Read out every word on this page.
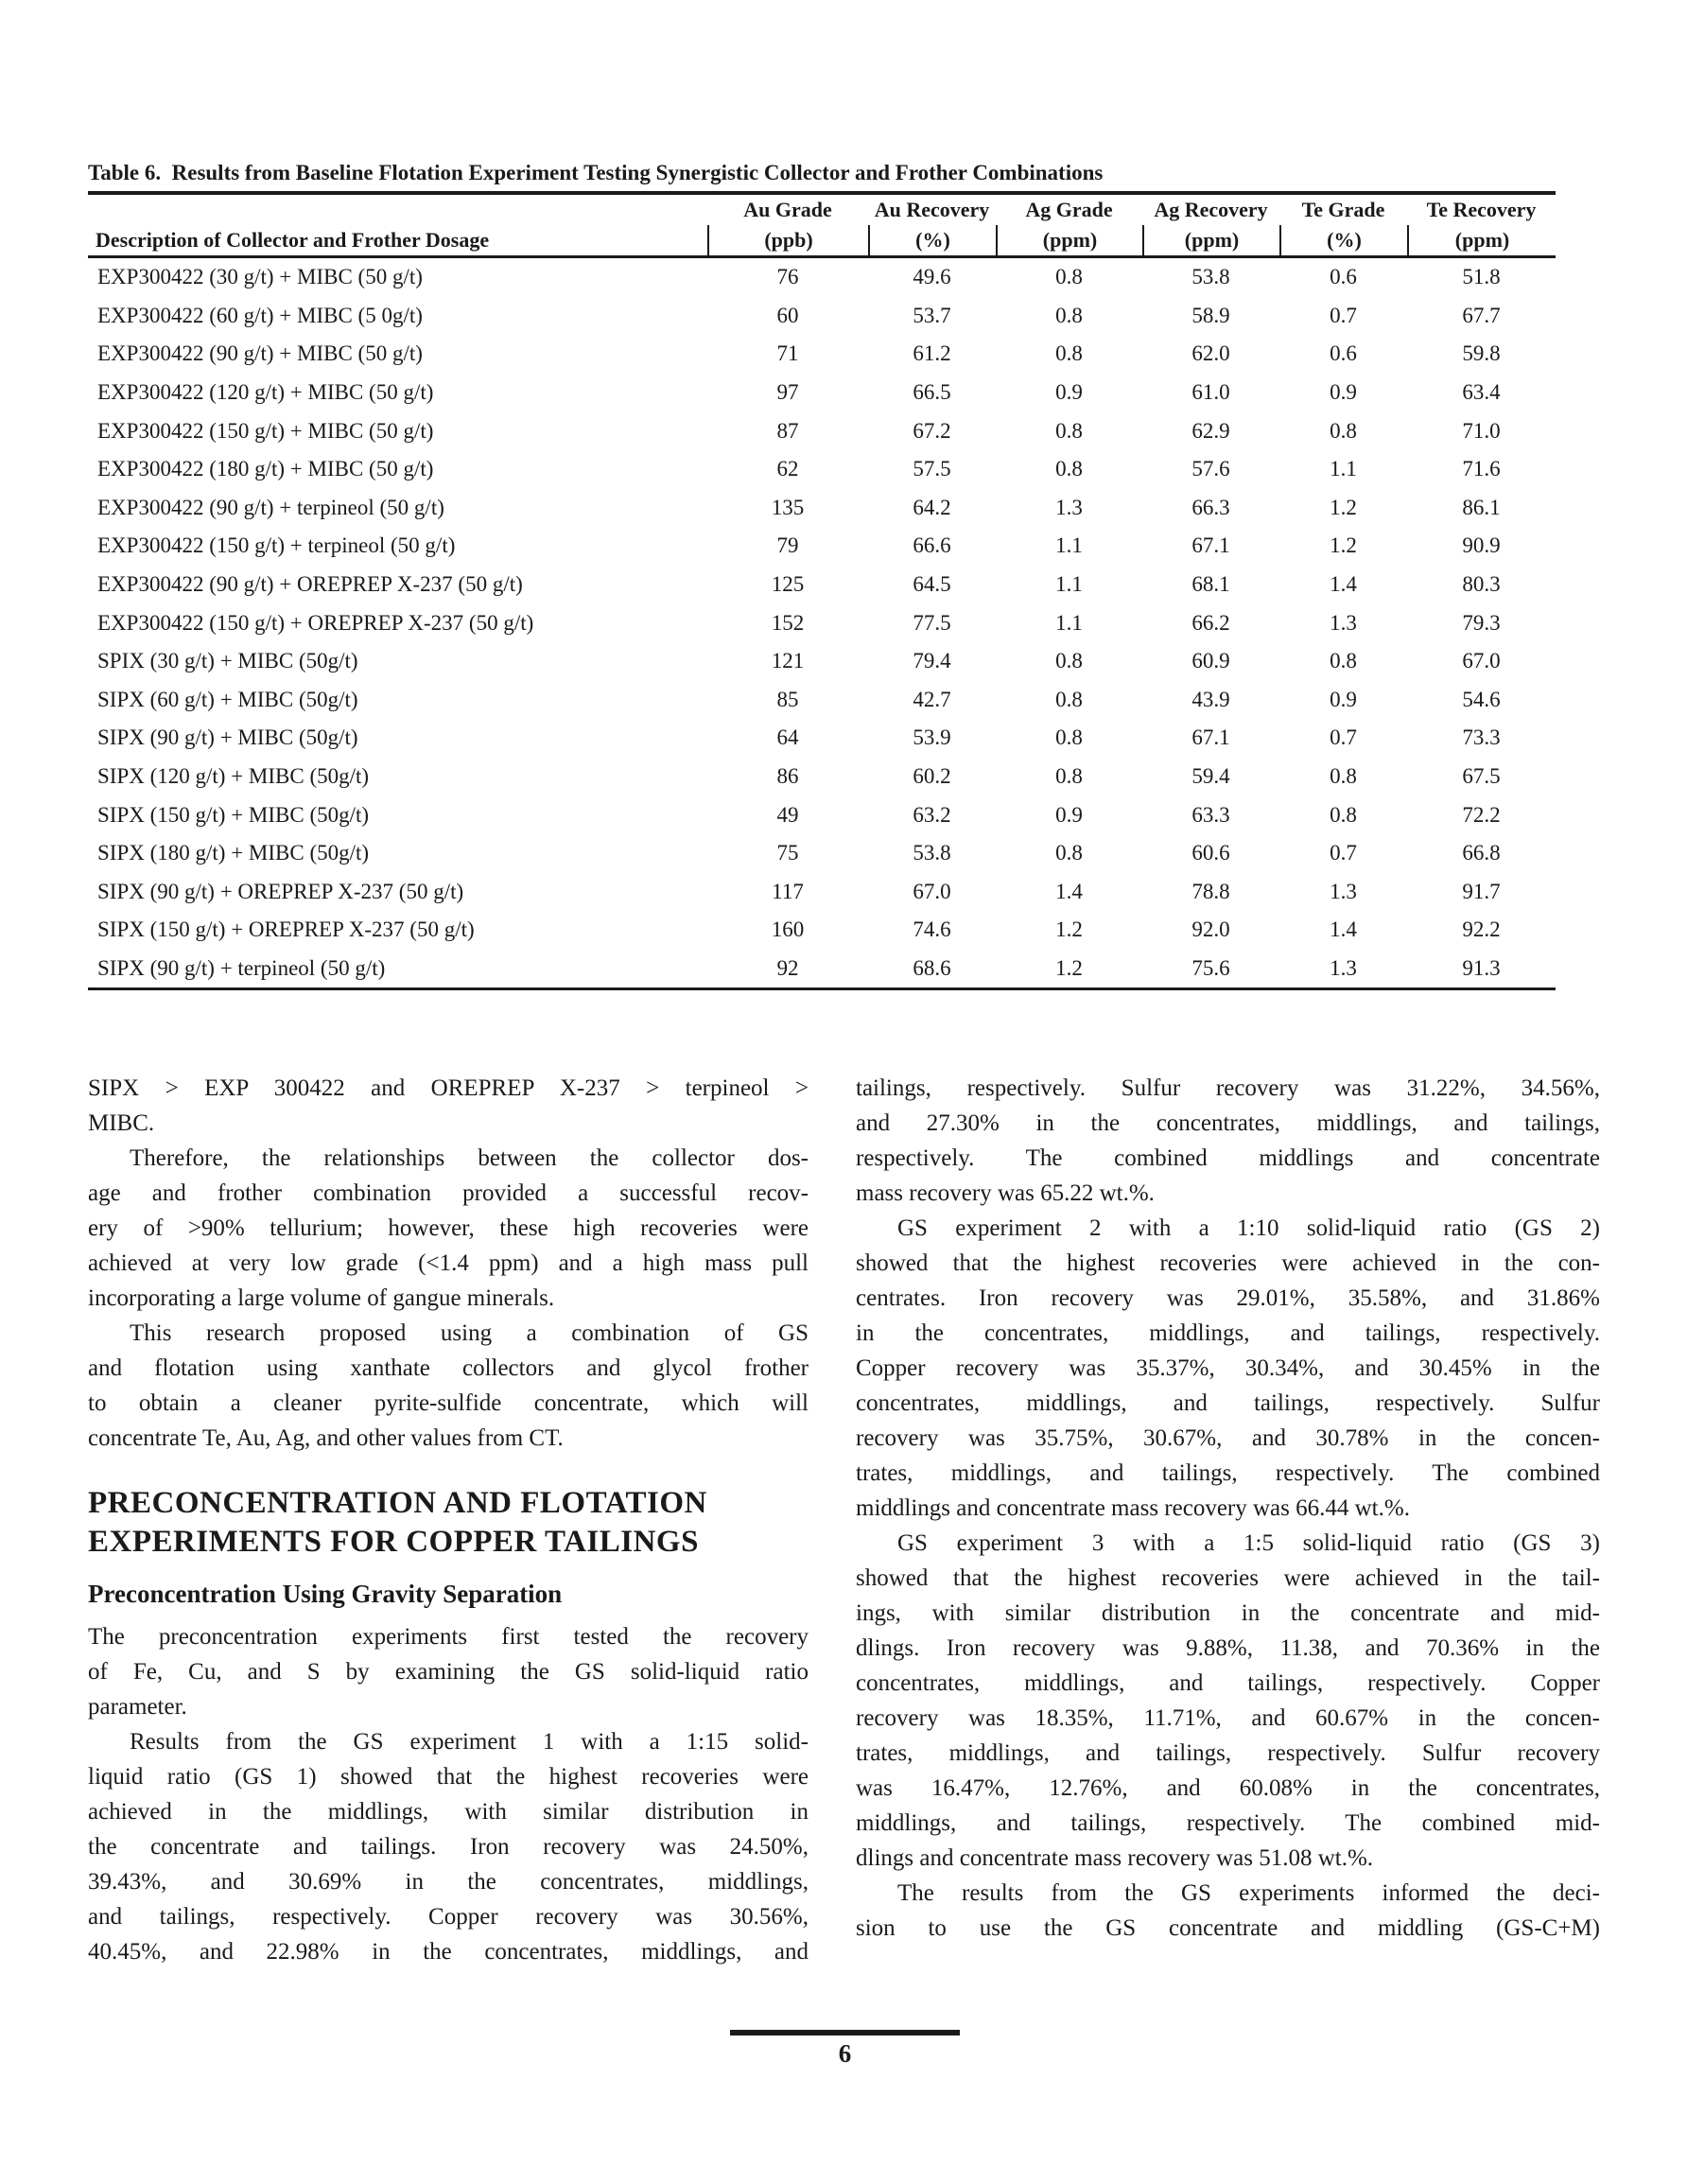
Table 6.  Results from Baseline Flotation Experiment Testing Synergistic Collector and Frother Combinations
Au Grade	Au Recovery	Ag Grade	Ag Recovery	Te Grade	Te Recovery
Description of Collector and Frother Dosage	(ppb)	(%)	(ppm)	(ppm)	(%)	(ppm)
EXP300422 (30 g/t) + MIBC (50 g/t)	76	49.6	0.8	53.8	0.6	51.8
EXP300422 (60 g/t) + MIBC (5 0g/t)	60	53.7	0.8	58.9	0.7	67.7
EXP300422 (90 g/t) + MIBC (50 g/t)	71	61.2	0.8	62.0	0.6	59.8
EXP300422 (120 g/t) + MIBC (50 g/t)	97	66.5	0.9	61.0	0.9	63.4
EXP300422 (150 g/t) + MIBC (50 g/t)	87	67.2	0.8	62.9	0.8	71.0
EXP300422 (180 g/t) + MIBC (50 g/t)	62	57.5	0.8	57.6	1.1	71.6
EXP300422 (90 g/t) + terpineol (50 g/t)	135	64.2	1.3	66.3	1.2	86.1
EXP300422 (150 g/t) + terpineol (50 g/t)	79	66.6	1.1	67.1	1.2	90.9
EXP300422 (90 g/t) + OREPREP X-237 (50 g/t)	125	64.5	1.1	68.1	1.4	80.3
EXP300422 (150 g/t) + OREPREP X-237 (50 g/t)	152	77.5	1.1	66.2	1.3	79.3
SPIX (30 g/t) + MIBC (50g/t)	121	79.4	0.8	60.9	0.8	67.0
SIPX (60 g/t) + MIBC (50g/t)	85	42.7	0.8	43.9	0.9	54.6
SIPX (90 g/t) + MIBC (50g/t)	64	53.9	0.8	67.1	0.7	73.3
SIPX (120 g/t) + MIBC (50g/t)	86	60.2	0.8	59.4	0.8	67.5
SIPX (150 g/t) + MIBC (50g/t)	49	63.2	0.9	63.3	0.8	72.2
SIPX (180 g/t) + MIBC (50g/t)	75	53.8	0.8	60.6	0.7	66.8
SIPX (90 g/t) + OREPREP X-237 (50 g/t)	117	67.0	1.4	78.8	1.3	91.7
SIPX (150 g/t) + OREPREP X-237 (50 g/t)	160	74.6	1.2	92.0	1.4	92.2
SIPX (90 g/t) + terpineol (50 g/t)	92	68.6	1.2	75.6	1.3	91.3
SIPX > EXP 300422 and OREPREP X-237 > terpineol >
MIBC.
Therefore, the relationships between the collector dos-
age and frother combination provided a successful recov-
ery of >90% tellurium; however, these high recoveries were
achieved at very low grade (<1.4 ppm) and a high mass pull
incorporating a large volume of gangue minerals.
This research proposed using a combination of GS
and flotation using xanthate collectors and glycol frother
to obtain a cleaner pyrite-sulfide concentrate, which will
concentrate Te, Au, Ag, and other values from CT.
PRECONCENTRATION AND FLOTATION
EXPERIMENTS FOR COPPER TAILINGS
Preconcentration Using Gravity Separation
The preconcentration experiments first tested the recovery
of Fe, Cu, and S by examining the GS solid-liquid ratio
parameter.
Results from the GS experiment 1 with a 1:15 solid-
liquid ratio (GS 1) showed that the highest recoveries were
achieved in the middlings, with similar distribution in
the concentrate and tailings. Iron recovery was 24.50%,
39.43%, and 30.69% in the concentrates, middlings,
and tailings, respectively. Copper recovery was 30.56%,
40.45%, and 22.98% in the concentrates, middlings, and
tailings, respectively. Sulfur recovery was 31.22%, 34.56%,
and 27.30% in the concentrates, middlings, and tailings,
respectively. The combined middlings and concentrate
mass recovery was 65.22 wt.%.
GS experiment 2 with a 1:10 solid-liquid ratio (GS 2)
showed that the highest recoveries were achieved in the con-
centrates. Iron recovery was 29.01%, 35.58%, and 31.86%
in the concentrates, middlings, and tailings, respectively.
Copper recovery was 35.37%, 30.34%, and 30.45% in the
concentrates, middlings, and tailings, respectively. Sulfur
recovery was 35.75%, 30.67%, and 30.78% in the concen-
trates, middlings, and tailings, respectively. The combined
middlings and concentrate mass recovery was 66.44 wt.%.
GS experiment 3 with a 1:5 solid-liquid ratio (GS 3)
showed that the highest recoveries were achieved in the tail-
ings, with similar distribution in the concentrate and mid-
dlings. Iron recovery was 9.88%, 11.38, and 70.36% in the
concentrates, middlings, and tailings, respectively. Copper
recovery was 18.35%, 11.71%, and 60.67% in the concen-
trates, middlings, and tailings, respectively. Sulfur recovery
was 16.47%, 12.76%, and 60.08% in the concentrates,
middlings, and tailings, respectively. The combined mid-
dlings and concentrate mass recovery was 51.08 wt.%.
The results from the GS experiments informed the deci-
sion to use the GS concentrate and middling (GS-C+M)
6
